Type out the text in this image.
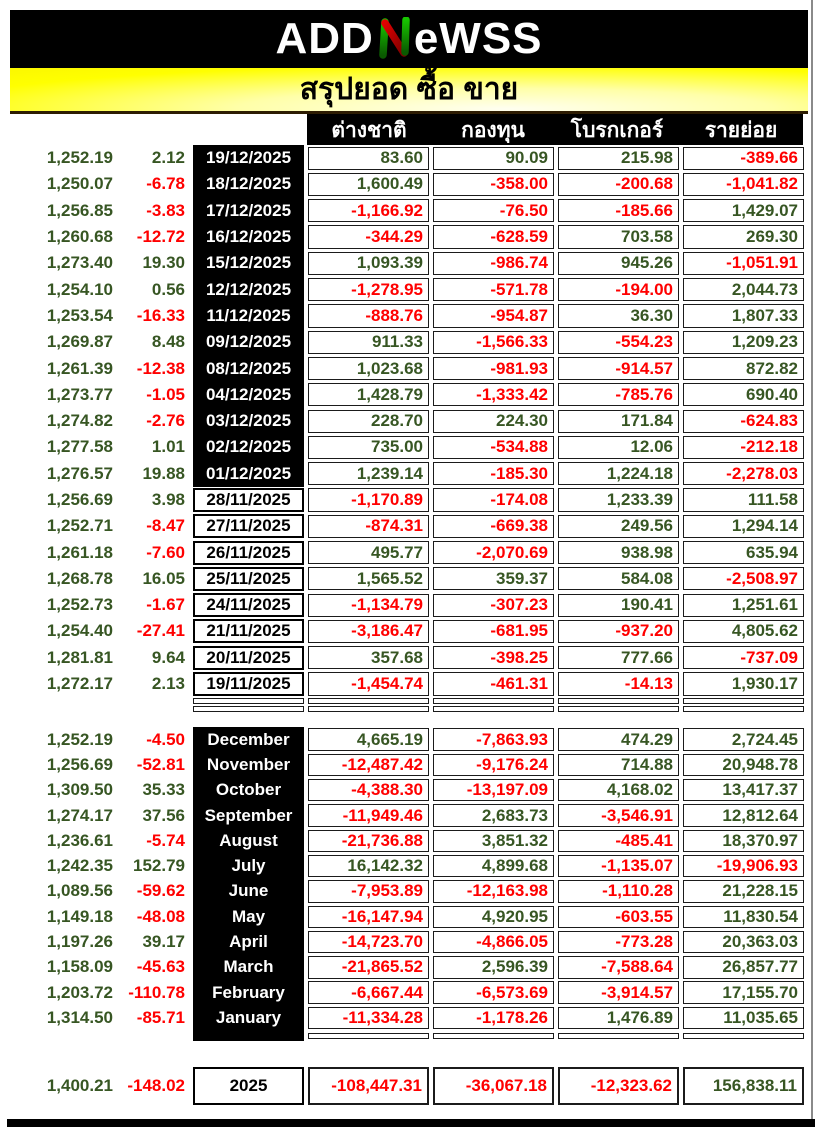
ADD eWSS
สรุปยอด ซื้อ ขาย
ต่างชาติ	กองทุน	โบรกเกอร์	รายย่อย
1,252.19	2.12	19/12/2025	83.60	90.09	215.98	-389.66
1,250.07	-6.78	18/12/2025	1,600.49	-358.00	-200.68	-1,041.82
1,256.85	-3.83	17/12/2025	-1,166.92	-76.50	-185.66	1,429.07
1,260.68	-12.72	16/12/2025	-344.29	-628.59	703.58	269.30
1,273.40	19.30	15/12/2025	1,093.39	-986.74	945.26	-1,051.91
1,254.10	0.56	12/12/2025	-1,278.95	-571.78	-194.00	2,044.73
1,253.54	-16.33	11/12/2025	-888.76	-954.87	36.30	1,807.33
1,269.87	8.48	09/12/2025	911.33	-1,566.33	-554.23	1,209.23
1,261.39	-12.38	08/12/2025	1,023.68	-981.93	-914.57	872.82
1,273.77	-1.05	04/12/2025	1,428.79	-1,333.42	-785.76	690.40
1,274.82	-2.76	03/12/2025	228.70	224.30	171.84	-624.83
1,277.58	1.01	02/12/2025	735.00	-534.88	12.06	-212.18
1,276.57	19.88	01/12/2025	1,239.14	-185.30	1,224.18	-2,278.03
1,256.69	3.98	28/11/2025	-1,170.89	-174.08	1,233.39	111.58
1,252.71	-8.47	27/11/2025	-874.31	-669.38	249.56	1,294.14
1,261.18	-7.60	26/11/2025	495.77	-2,070.69	938.98	635.94
1,268.78	16.05	25/11/2025	1,565.52	359.37	584.08	-2,508.97
1,252.73	-1.67	24/11/2025	-1,134.79	-307.23	190.41	1,251.61
1,254.40	-27.41	21/11/2025	-3,186.47	-681.95	-937.20	4,805.62
1,281.81	9.64	20/11/2025	357.68	-398.25	777.66	-737.09
1,272.17	2.13	19/11/2025	-1,454.74	-461.31	-14.13	1,930.17
1,252.19	-4.50	December	4,665.19	-7,863.93	474.29	2,724.45
1,256.69	-52.81	November	-12,487.42	-9,176.24	714.88	20,948.78
1,309.50	35.33	October	-4,388.30	-13,197.09	4,168.02	13,417.37
1,274.17	37.56	September	-11,949.46	2,683.73	-3,546.91	12,812.64
1,236.61	-5.74	August	-21,736.88	3,851.32	-485.41	18,370.97
1,242.35	152.79	July	16,142.32	4,899.68	-1,135.07	-19,906.93
1,089.56	-59.62	June	-7,953.89	-12,163.98	-1,110.28	21,228.15
1,149.18	-48.08	May	-16,147.94	4,920.95	-603.55	11,830.54
1,197.26	39.17	April	-14,723.70	-4,866.05	-773.28	20,363.03
1,158.09	-45.63	March	-21,865.52	2,596.39	-7,588.64	26,857.77
1,203.72 -110.78	February	-6,667.44	-6,573.69	-3,914.57	17,155.70
1,314.50	-85.71	January	-11,334.28	-1,178.26	1,476.89	11,035.65
1,400.21 -148.02	2025	-108,447.31	-36,067.18	-12,323.62	156,838.11
